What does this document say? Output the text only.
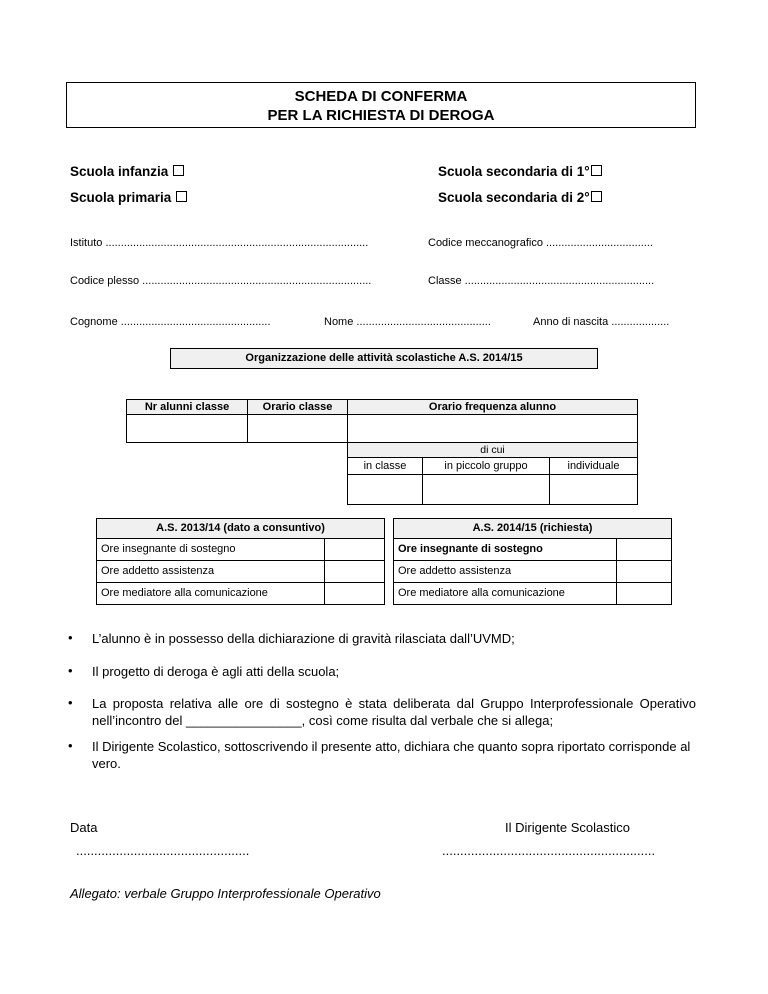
SCHEDA DI CONFERMA
PER LA RICHIESTA DI DEROGA
Scuola infanzia
Scuola primaria
Scuola secondaria di 1°
Scuola secondaria di 2°
Istituto ......................................................................................	Codice meccanografico ...................................
Codice plesso ...........................................................................	Classe ..............................................................
Cognome .................................................	Nome ............................................	Anno di nascita ...................
Organizzazione delle attività scolastiche A.S. 2014/15
Nr alunni classe	Orario classe	Orario frequenza alunno
di cui
in classe	in piccolo gruppo	individuale
A.S. 2013/14 (dato a consuntivo)	A.S. 2014/15 (richiesta)
Ore insegnante di sostegno
Ore addetto assistenza
Ore mediatore alla comunicazione
Ore insegnante di sostegno
Ore addetto assistenza
Ore mediatore alla comunicazione
• L’alunno è in possesso della dichiarazione di gravità rilasciata dall’UVMD;
• Il progetto di deroga è agli atti della scuola;
• La proposta relativa alle ore di sostegno è stata deliberata dal Gruppo Interprofessionale Operativo nell’incontro del ________________, così come risulta dal verbale che si allega;
• Il Dirigente Scolastico, sottoscrivendo il presente atto, dichiara che quanto sopra riportato corrisponde al vero.
Data
................................................
Il Dirigente Scolastico
...........................................................
Allegato: verbale Gruppo Interprofessionale Operativo
